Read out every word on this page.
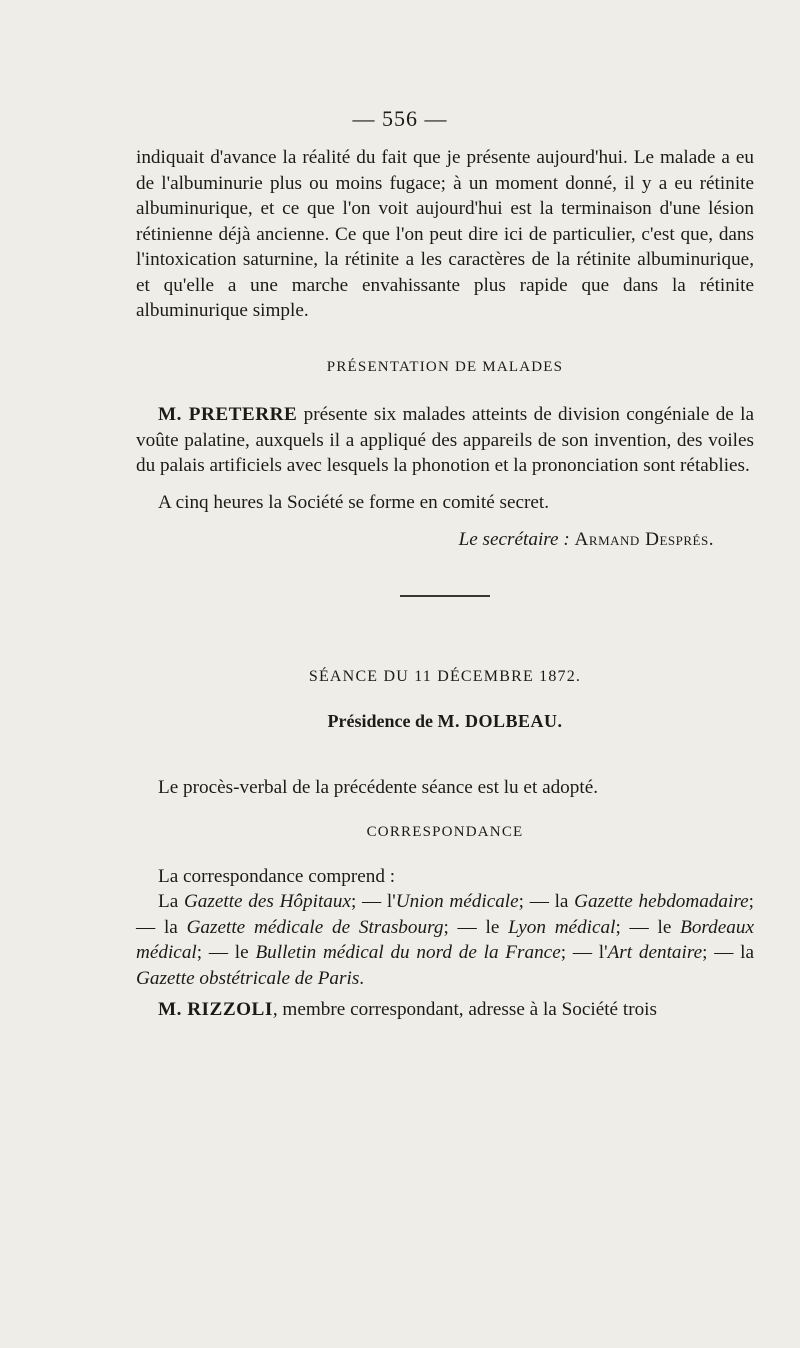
— 556 —

indiquait d'avance la réalité du fait que je présente aujourd'hui. Le malade a eu de l'albuminurie plus ou moins fugace; à un moment donné, il y a eu rétinite albuminurique, et ce que l'on voit aujourd'hui est la terminaison d'une lésion rétinienne déjà ancienne. Ce que l'on peut dire ici de particulier, c'est que, dans l'intoxication saturnine, la rétinite a les caractères de la rétinite albuminurique, et qu'elle a une marche envahissante plus rapide que dans la rétinite albuminurique simple.

PRÉSENTATION DE MALADES

M. PRETERRE présente six malades atteints de division congéniale de la voûte palatine, auxquels il a appliqué des appareils de son invention, des voiles du palais artificiels avec lesquels la phonotion et la prononciation sont rétablies.

A cinq heures la Société se forme en comité secret.

Le secrétaire : Armand Després.

SÉANCE DU 11 DÉCEMBRE 1872.

Présidence de M. DOLBEAU.

Le procès-verbal de la précédente séance est lu et adopté.

CORRESPONDANCE

La correspondance comprend :

La Gazette des Hôpitaux; — l'Union médicale; — la Gazette hebdomadaire; — la Gazette médicale de Strasbourg; — le Lyon médical; — le Bordeaux médical; — le Bulletin médical du nord de la France; — l'Art dentaire; — la Gazette obstétricale de Paris.

M. RIZZOLI, membre correspondant, adresse à la Société trois
